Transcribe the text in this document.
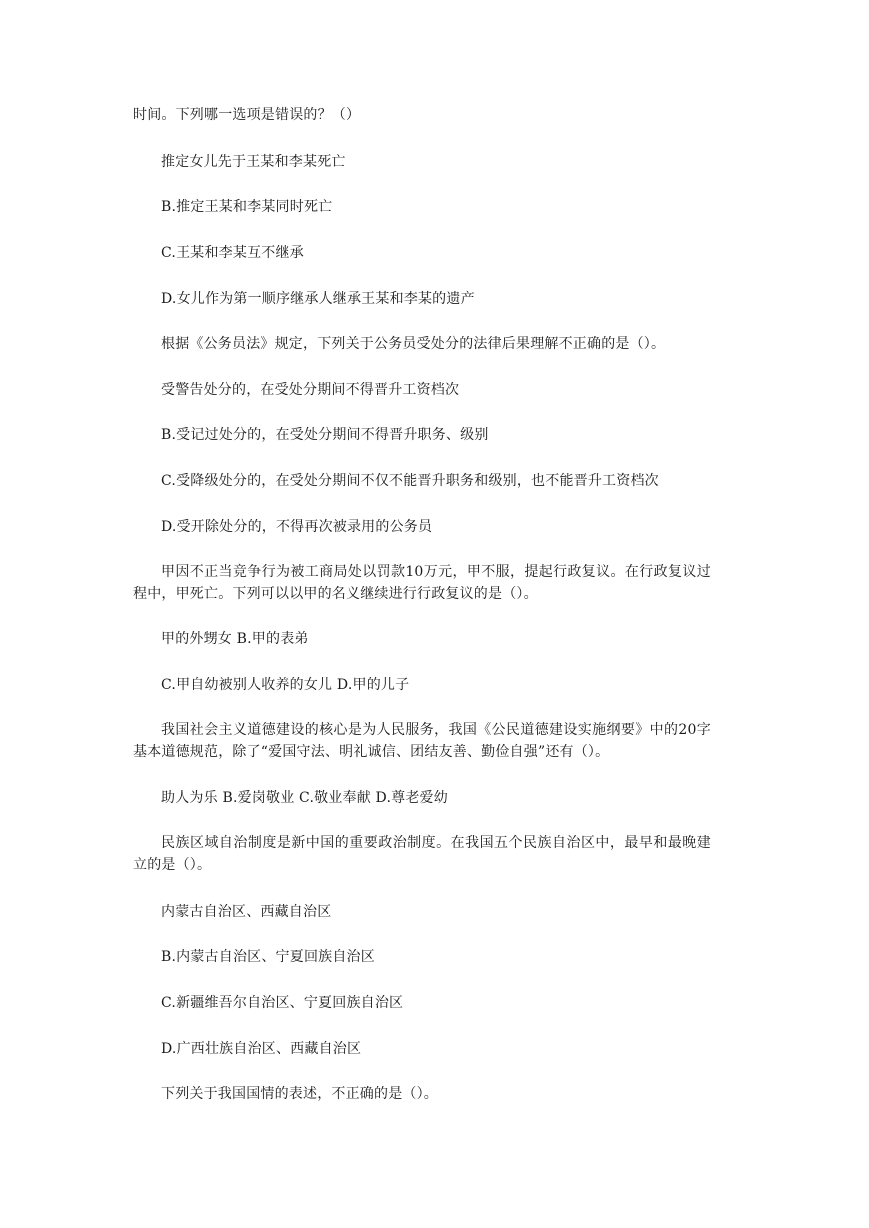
时间。下列哪一选项是错误的？（）
推定女儿先于王某和李某死亡
B.推定王某和李某同时死亡
C.王某和李某互不继承
D.女儿作为第一顺序继承人继承王某和李某的遗产
根据《公务员法》规定，下列关于公务员受处分的法律后果理解不正确的是（）。
受警告处分的，在受处分期间不得晋升工资档次
B.受记过处分的，在受处分期间不得晋升职务、级别
C.受降级处分的，在受处分期间不仅不能晋升职务和级别，也不能晋升工资档次
D.受开除处分的，不得再次被录用的公务员
甲因不正当竞争行为被工商局处以罚款10万元，甲不服，提起行政复议。在行政复议过程中，甲死亡。下列可以以甲的名义继续进行行政复议的是（）。
甲的外甥女 B.甲的表弟
C.甲自幼被别人收养的女儿 D.甲的儿子
我国社会主义道德建设的核心是为人民服务，我国《公民道德建设实施纲要》中的20字基本道德规范，除了“爱国守法、明礼诚信、团结友善、勤俭自强”还有（）。
助人为乐 B.爱岗敬业 C.敬业奉献 D.尊老爱幼
民族区域自治制度是新中国的重要政治制度。在我国五个民族自治区中，最早和最晚建立的是（）。
内蒙古自治区、西藏自治区
B.内蒙古自治区、宁夏回族自治区
C.新疆维吾尔自治区、宁夏回族自治区
D.广西壮族自治区、西藏自治区
下列关于我国国情的表述，不正确的是（）。
